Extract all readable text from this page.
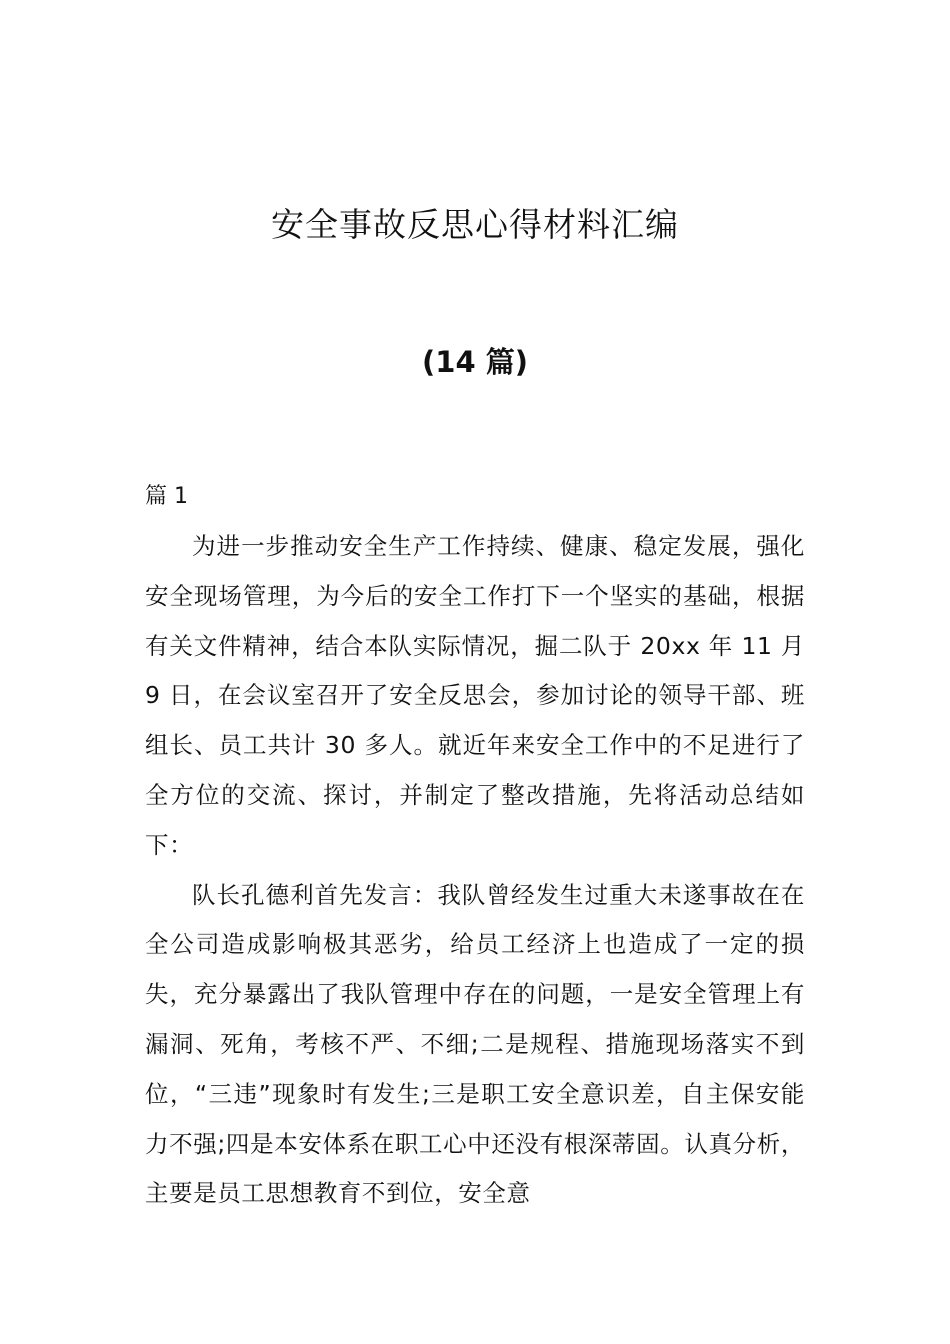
安全事故反思心得材料汇编
(14 篇)

篇 1

为进一步推动安全生产工作持续、健康、稳定发展，强化安全现场管理，为今后的安全工作打下一个坚实的基础，根据有关文件精神，结合本队实际情况，掘二队于 20xx 年 11 月 9 日，在会议室召开了安全反思会，参加讨论的领导干部、班组长、员工共计 30 多人。就近年来安全工作中的不足进行了全方位的交流、探讨，并制定了整改措施，先将活动总结如下：

队长孔德利首先发言：我队曾经发生过重大未遂事故在在全公司造成影响极其恶劣，给员工经济上也造成了一定的损失，充分暴露出了我队管理中存在的问题，一是安全管理上有漏洞、死角，考核不严、不细;二是规程、措施现场落实不到位，“三违”现象时有发生;三是职工安全意识差，自主保安能力不强;四是本安体系在职工心中还没有根深蒂固。认真分析，主要是员工思想教育不到位，安全意
